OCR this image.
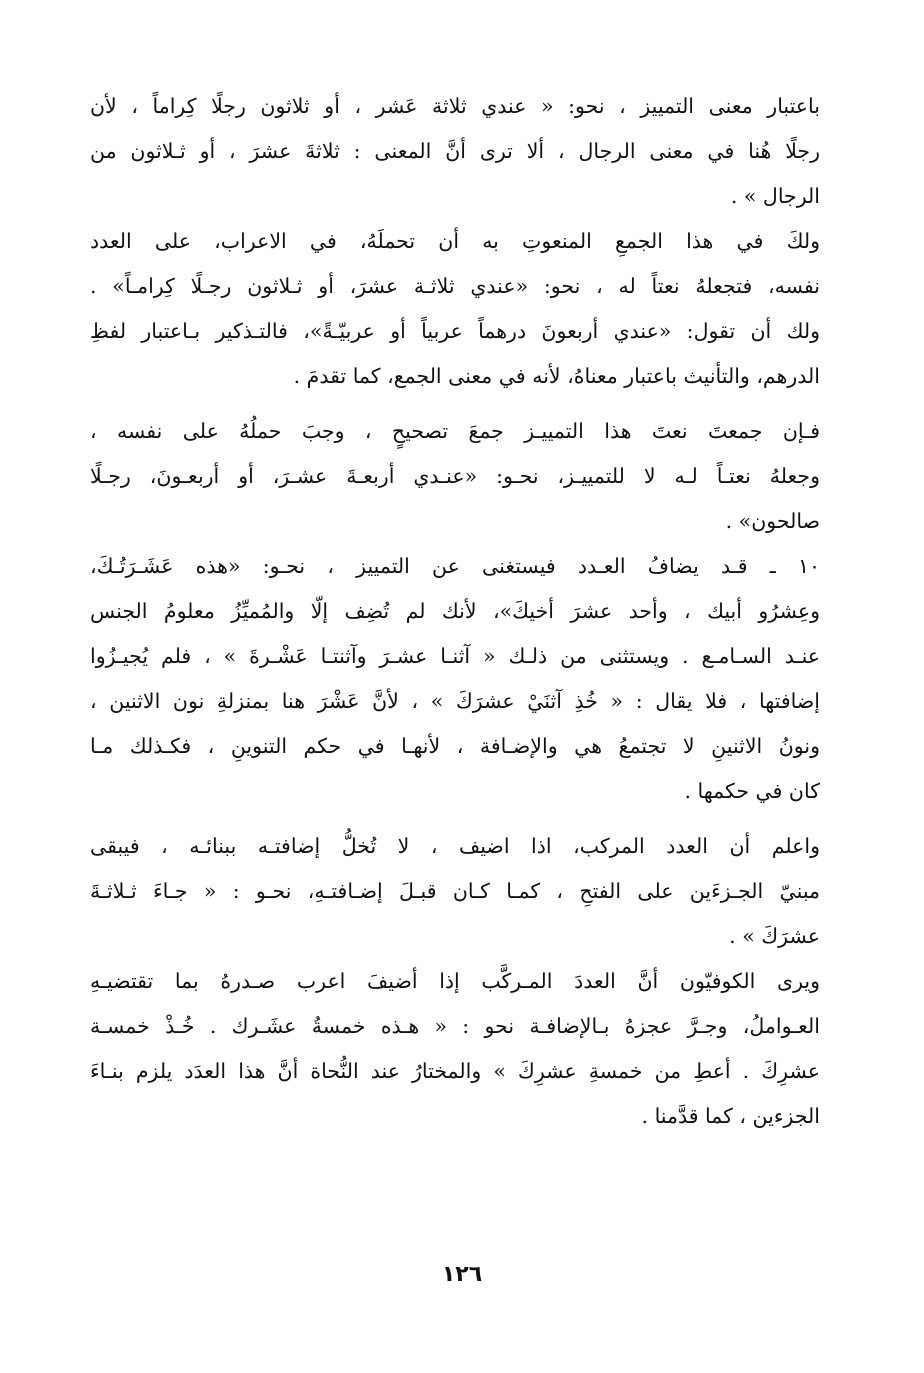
باعتبار معنى التمييز ، نحو: « عندي ثلاثة عَشر ، أو ثلاثون رجلًا كِراماً ، لأن
رجلًا هُنا في معنى الرجال ، ألا ترى أنَّ المعنى : ثلاثةَ عشرَ ، أو ثـلاثون من
الرجال » .
ولكَ في هذا الجمعِ المنعوتِ به أن تحملَهُ، في الاعراب، على العدد
نفسه، فتجعلهُ نعتاً له ، نحو: «عندي ثلاثـة عشرَ، أو ثـلاثون رجـلًا كِرامـاً» .
ولك أن تقول: «عندي أربعونَ درهماً عربياً أو عربيّـةً»، فالتـذكير بـاعتبار لفظِ
الدرهم، والتأنيث باعتبار معناهُ، لأنه في معنى الجمع، كما تقدمَ .
فـإن جمعتَ نعتَ هذا التمييـز جمعَ تصحيحٍ ، وجبَ حملُهُ على نفسه ،
وجعلهُ نعتـاً لـه لا للتمييـز، نحـو: «عنـدي أربعـةَ عشـرَ، أو أربعـونَ، رجـلًا
صالحون» .
١٠ ـ قـد يضافُ العـدد فيستغنى عن التمييز ، نحـو: «هذه عَشَـرَتُـكَ،
وعِشرُو أبيك ، وأحد عشرَ أخيكَ»، لأنك لم تُضِف إلّا والمُميِّزُ معلومُ الجنس
عنـد السـامـع . ويستثنى من ذلـك « آثنـا عشـرَ وآثنتـا عَشْـرةَ » ، فلم يُجيـزُوا
إضافتها ، فلا يقال : « خُذِ آثنَيْ عشرَكَ » ، لأنَّ عَشْرَ هنا بمنزلةِ نون الاثنين ،
ونونُ الاثنينِ لا تجتمعُ هي والإضـافة ، لأنهـا في حكم التنوينِ ، فكـذلك مـا
كان في حكمها .
واعلم أن العدد المركب، اذا اضيف ، لا تُخلُّ إضافتـه ببنائـه ، فيبقى
مبنيّ الجـزءَين على الفتحِ ، كمـا كـان قبـلَ إضـافتـهِ، نحـو : « جـاءَ ثـلاثـةَ
عشرَكَ » .
ويرى الكوفيّون أنَّ العددَ المـركَّب إذا أضيفَ اعرب صـدرهُ بما تقتضيـهِ
العـواملُ، وجـرَّ عجزهُ بـالإضافـة نحو : « هـذه خمسةُ عشَـرك . خُـذْ خمسـة
عشرِكَ . أعطِ من خمسةِ عشرِكَ » والمختارُ عند النُّحاة أنَّ هذا العدَد يلزم بنـاءَ
الجزءين ، كما قدَّمنا .
١٢٦
